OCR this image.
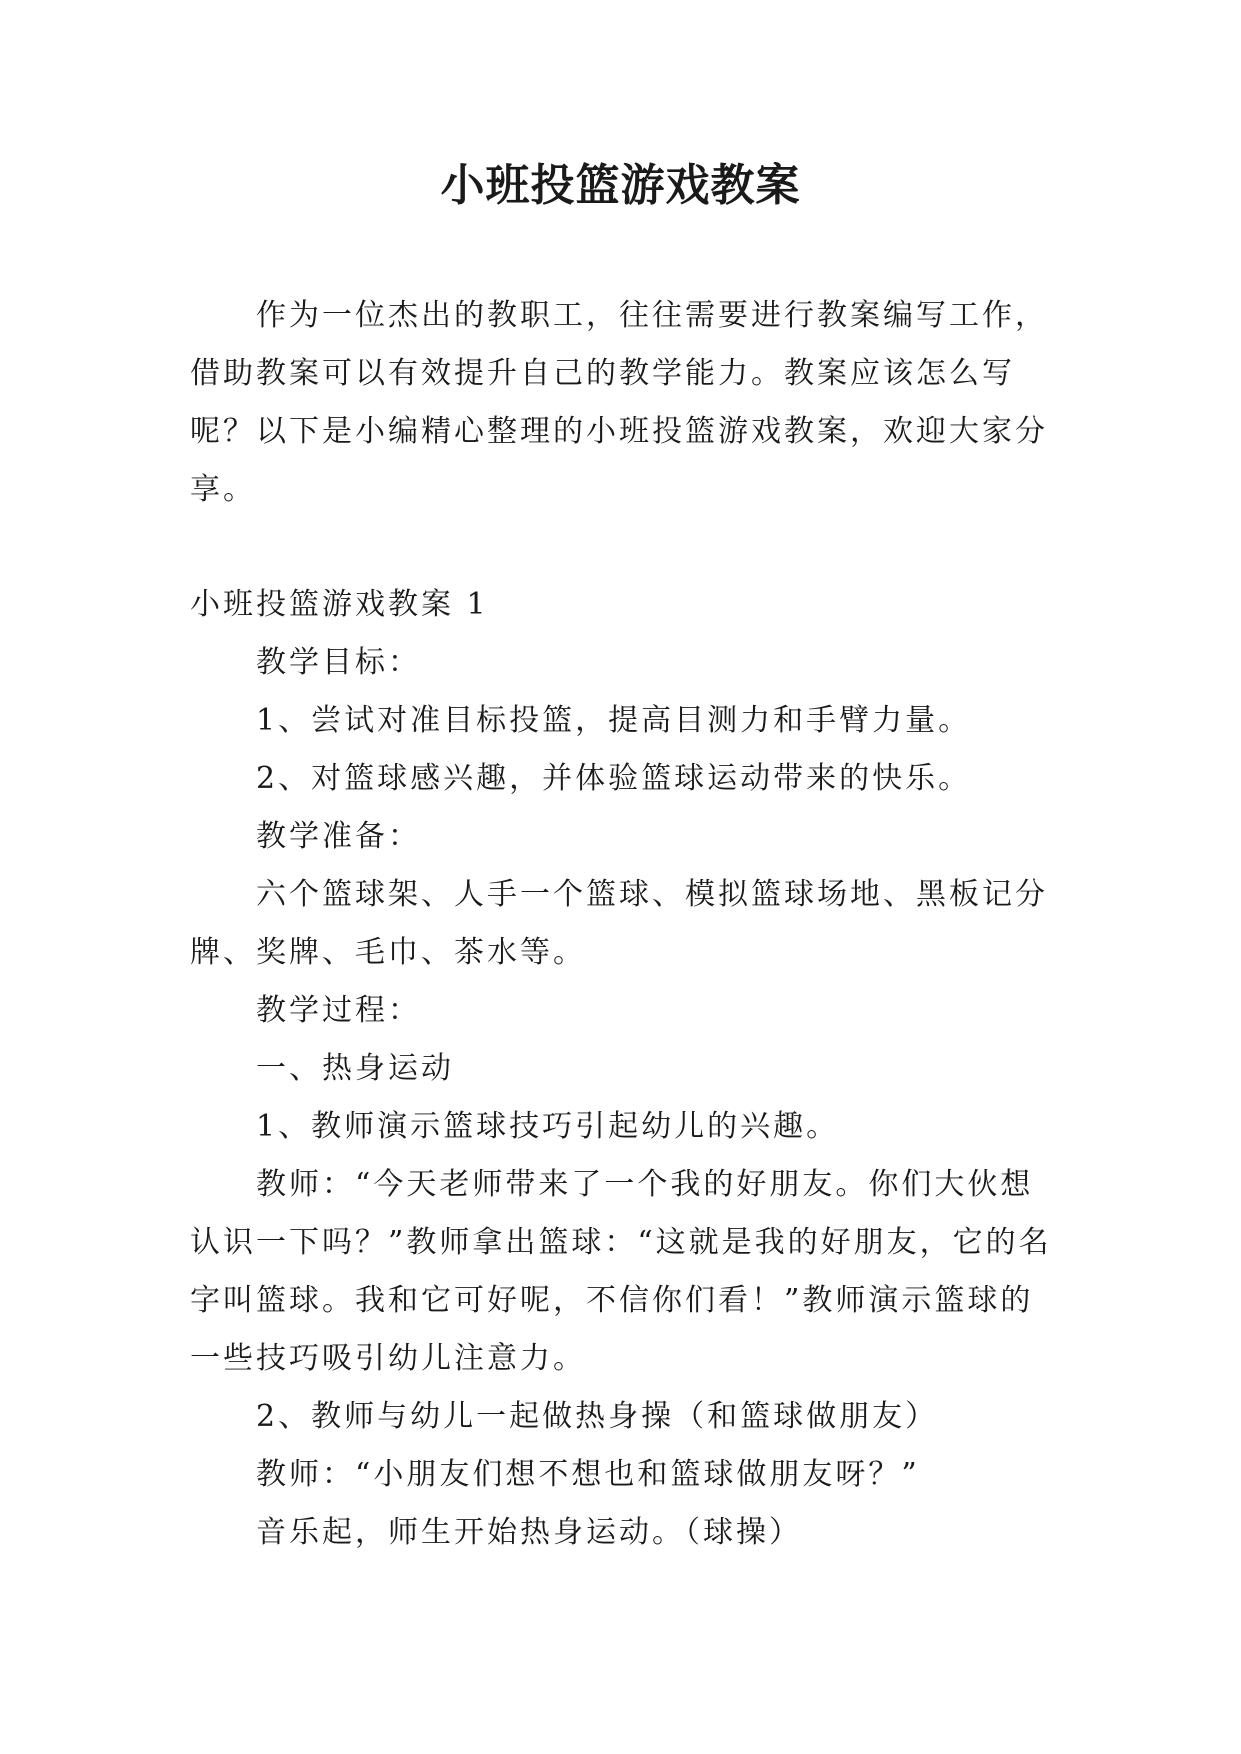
小班投篮游戏教案

作为一位杰出的教职工，往往需要进行教案编写工作，借助教案可以有效提升自己的教学能力。教案应该怎么写呢？以下是小编精心整理的小班投篮游戏教案，欢迎大家分享。

小班投篮游戏教案 1

教学目标：

1、尝试对准目标投篮，提高目测力和手臂力量。

2、对篮球感兴趣，并体验篮球运动带来的快乐。

教学准备：

六个篮球架、人手一个篮球、模拟篮球场地、黑板记分牌、奖牌、毛巾、茶水等。

教学过程：

一、热身运动

1、教师演示篮球技巧引起幼儿的兴趣。

教师：“今天老师带来了一个我的好朋友。你们大伙想认识一下吗？”教师拿出篮球：“这就是我的好朋友，它的名字叫篮球。我和它可好呢，不信你们看！”教师演示篮球的一些技巧吸引幼儿注意力。

2、教师与幼儿一起做热身操（和篮球做朋友）

教师：“小朋友们想不想也和篮球做朋友呀？”

音乐起，师生开始热身运动。（球操）
